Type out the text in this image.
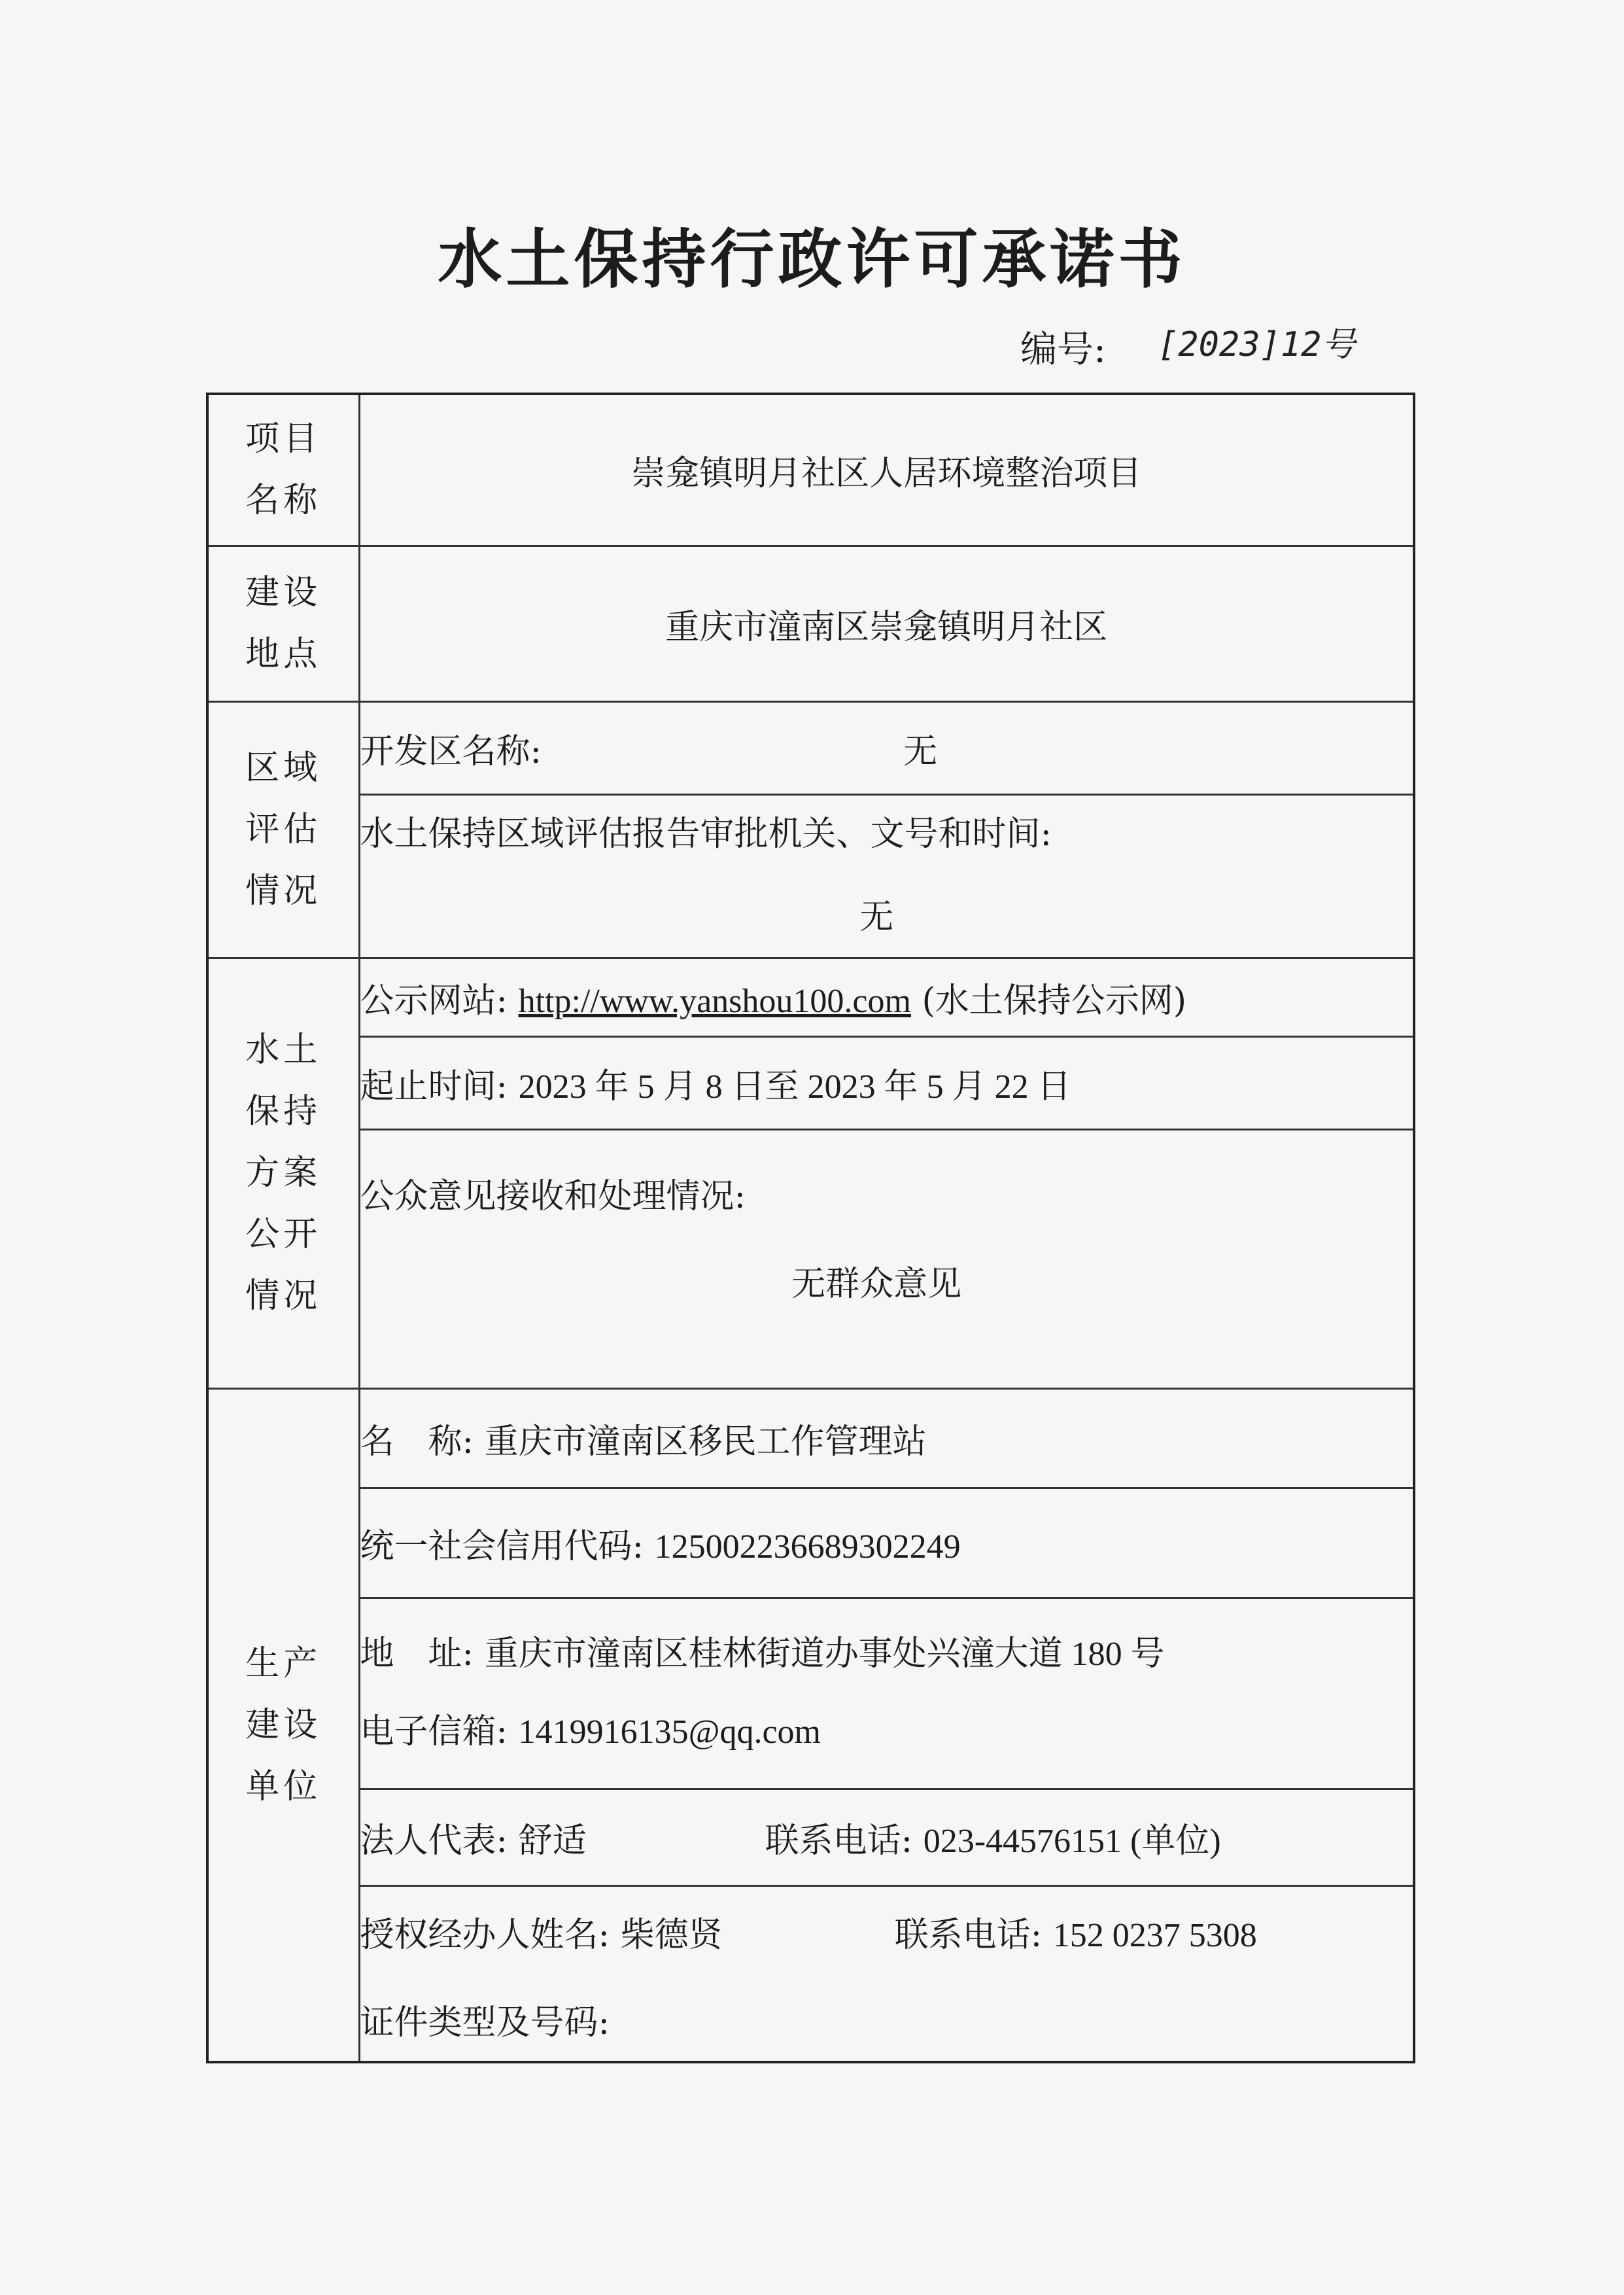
水土保持行政许可承诺书
编号: [2023]12号
项目名称	崇龛镇明月社区人居环境整治项目

建设地点	重庆市潼南区崇龛镇明月社区

区域评估情况	开发区名称: 无

	水土保持区域评估报告审批机关、文号和时间:
无

水土保持方案公开情况	公示网站: http://www.yanshou100.com (水土保持公示网)
	起止时间: 2023 年 5 月 8 日至 2023 年 5 月 22 日

	公众意见接收和处理情况:
无群众意见

生产建设单位	名　称: 重庆市潼南区移民工作管理站
	统一社会信用代码: 125002236689302249

	地　址: 重庆市潼南区桂林街道办事处兴潼大道 180 号
电子信箱: 1419916135@qq.com

	法人代表: 舒适 联系电话: 023-44576151 (单位)
	授权经办人姓名: 柴德贤 联系电话: 152 0237 5308
	证件类型及号码:
